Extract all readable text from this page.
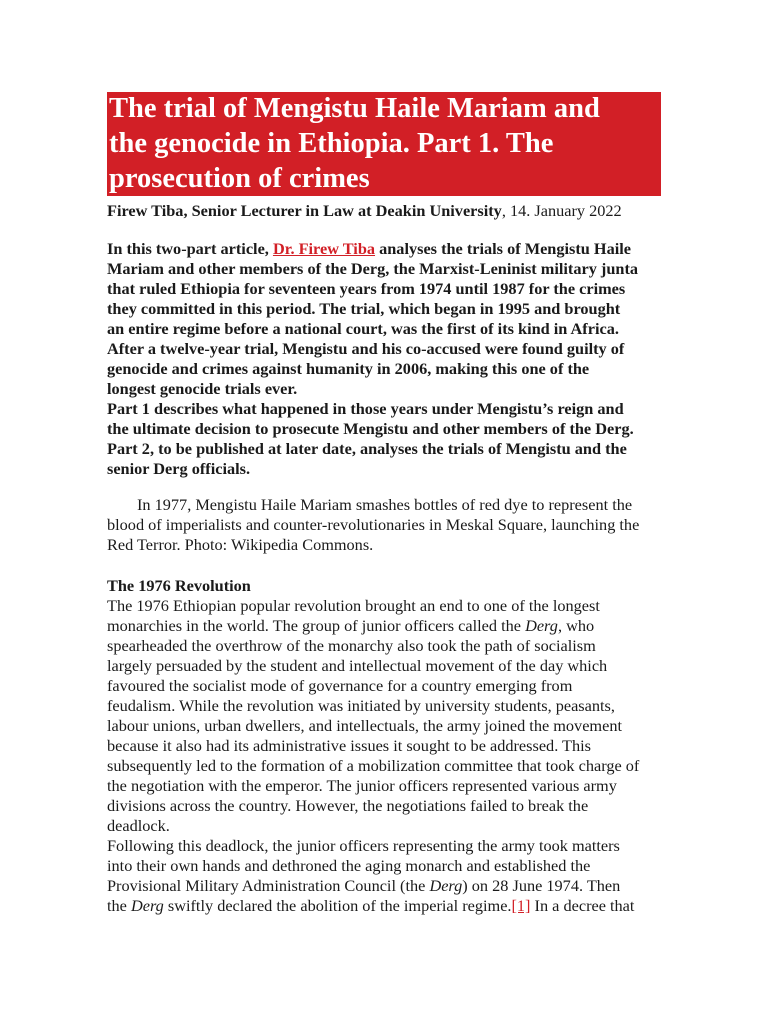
The trial of Mengistu Haile Mariam and
the genocide in Ethiopia. Part 1. The
prosecution of crimes
Firew Tiba, Senior Lecturer in Law at Deakin University, 14. January 2022
In this two-part article, Dr. Firew Tiba analyses the trials of Mengistu Haile
Mariam and other members of the Derg, the Marxist-Leninist military junta
that ruled Ethiopia for seventeen years from 1974 until 1987 for the crimes
they committed in this period. The trial, which began in 1995 and brought
an entire regime before a national court, was the first of its kind in Africa.
After a twelve-year trial, Mengistu and his co-accused were found guilty of
genocide and crimes against humanity in 2006, making this one of the
longest genocide trials ever.
Part 1 describes what happened in those years under Mengistu’s reign and
the ultimate decision to prosecute Mengistu and other members of the Derg.
Part 2, to be published at later date, analyses the trials of Mengistu and the
senior Derg officials.
In 1977, Mengistu Haile Mariam smashes bottles of red dye to represent the
blood of imperialists and counter-revolutionaries in Meskal Square, launching the
Red Terror. Photo: Wikipedia Commons.
The 1976 Revolution
The 1976 Ethiopian popular revolution brought an end to one of the longest
monarchies in the world. The group of junior officers called the Derg, who
spearheaded the overthrow of the monarchy also took the path of socialism
largely persuaded by the student and intellectual movement of the day which
favoured the socialist mode of governance for a country emerging from
feudalism. While the revolution was initiated by university students, peasants,
labour unions, urban dwellers, and intellectuals, the army joined the movement
because it also had its administrative issues it sought to be addressed. This
subsequently led to the formation of a mobilization committee that took charge of
the negotiation with the emperor. The junior officers represented various army
divisions across the country. However, the negotiations failed to break the
deadlock.
Following this deadlock, the junior officers representing the army took matters
into their own hands and dethroned the aging monarch and established the
Provisional Military Administration Council (the Derg) on 28 June 1974. Then
the Derg swiftly declared the abolition of the imperial regime.[1] In a decree that
